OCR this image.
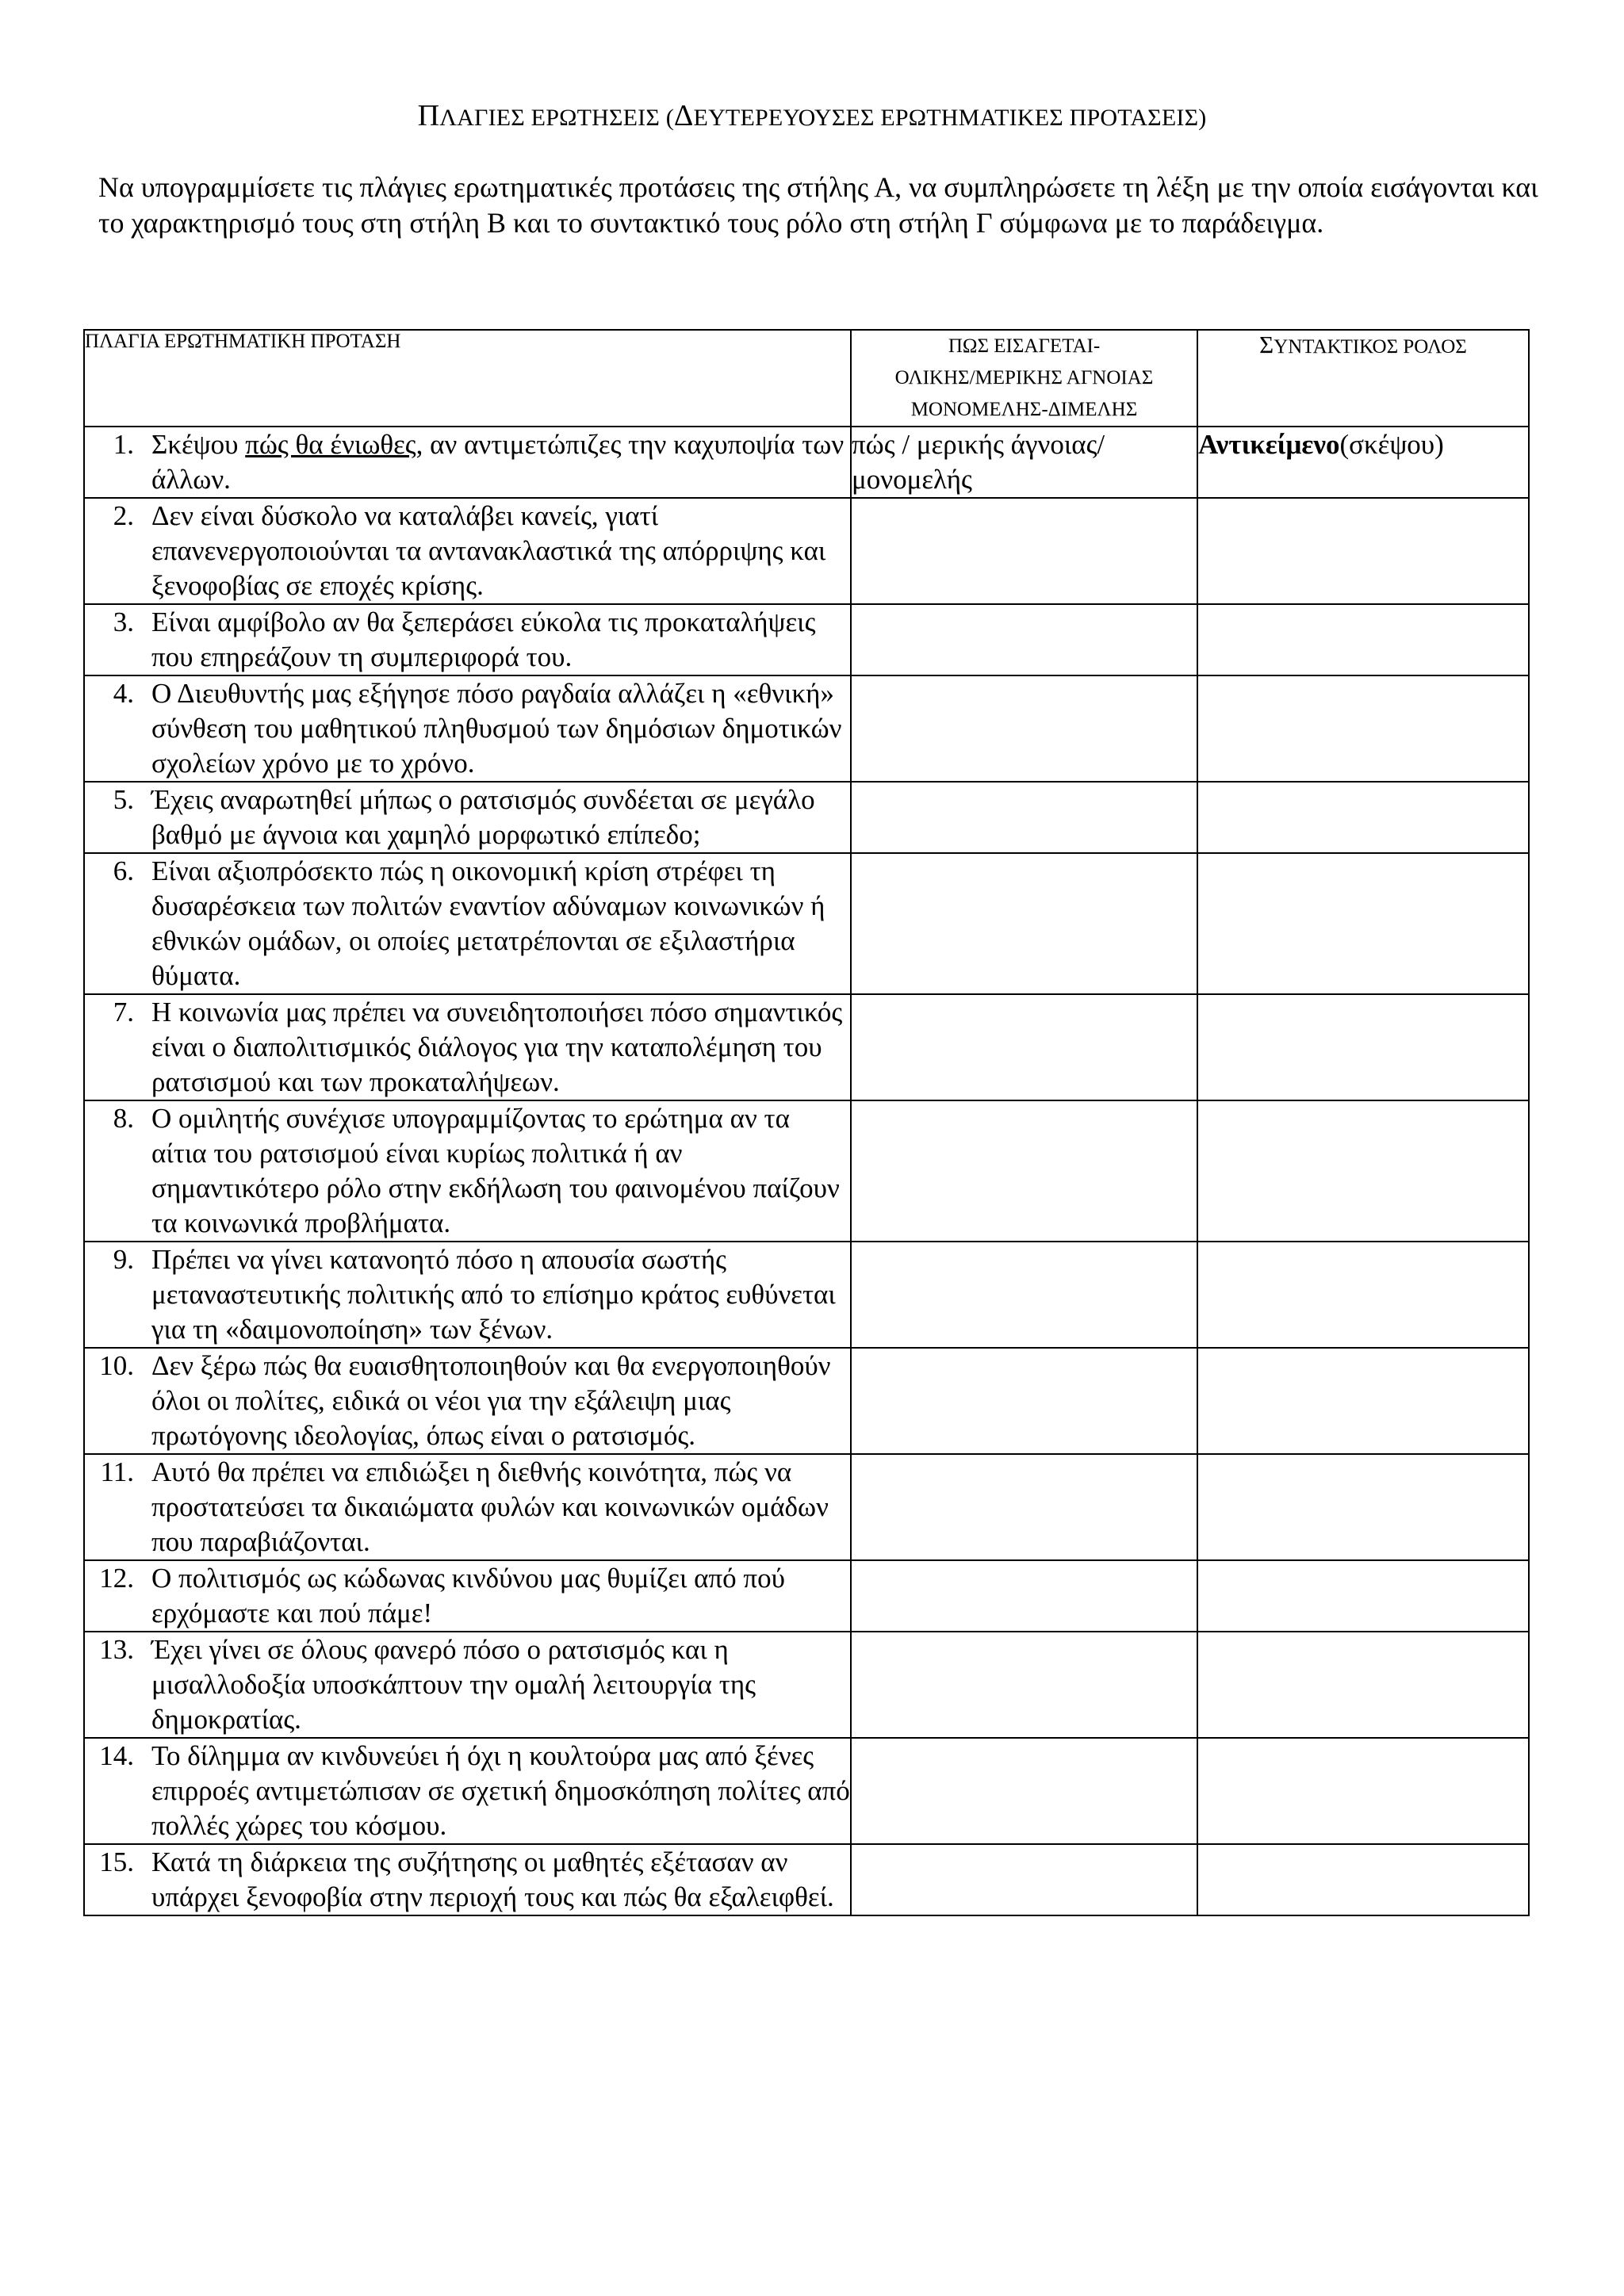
ΠΛΑΓΙΕΣ ΕΡΩΤΗΣΕΙΣ (ΔΕΥΤΕΡΕΥΟΥΣΕΣ ΕΡΩΤΗΜΑΤΙΚΕΣ ΠΡΟΤΑΣΕΙΣ)
Να υπογραμμίσετε τις πλάγιες ερωτηματικές προτάσεις της στήλης Α, να συμπληρώσετε τη λέξη με την οποία εισάγονται και το χαρακτηρισμό τους στη στήλη Β και το συντακτικό τους ρόλο στη στήλη Γ σύμφωνα με το παράδειγμα.
ΠΛΑΓΙΑ ΕΡΩΤΗΜΑΤΙΚΗ ΠΡΟΤΑΣΗ	ΠΩΣ ΕΙΣΑΓΕΤΑΙ-
ΟΛΙΚΗΣ/ΜΕΡΙΚΗΣ ΑΓΝΟΙΑΣ
ΜΟΝΟΜΕΛΗΣ-ΔΙΜΕΛΗΣ	ΣΥΝΤΑΚΤΙΚΟΣ ΡΟΛΟΣ

1. Σκέψου πώς θα ένιωθες, αν αντιμετώπιζες την καχυποψία των άλλων.	πώς / μερικής άγνοιας/ μονομελής	Αντικείμενο(σκέψου)

2. Δεν είναι δύσκολο να καταλάβει κανείς, γιατί επανενεργοποιούνται τα αντανακλαστικά της απόρριψης και ξενοφοβίας σε εποχές κρίσης.		

3. Είναι αμφίβολο αν θα ξεπεράσει εύκολα τις προκαταλήψεις που επηρεάζουν τη συμπεριφορά του.		

4. Ο Διευθυντής μας εξήγησε πόσο ραγδαία αλλάζει η «εθνική» σύνθεση του μαθητικού πληθυσμού των δημόσιων δημοτικών σχολείων χρόνο με το χρόνο.		

5. Έχεις αναρωτηθεί μήπως ο ρατσισμός συνδέεται σε μεγάλο βαθμό με άγνοια και χαμηλό μορφωτικό επίπεδο;		

6. Είναι αξιοπρόσεκτο πώς η οικονομική κρίση στρέφει τη δυσαρέσκεια των πολιτών εναντίον αδύναμων κοινωνικών ή εθνικών ομάδων, οι οποίες μετατρέπονται σε εξιλαστήρια θύματα.		

7. Η κοινωνία μας πρέπει να συνειδητοποιήσει πόσο σημαντικός είναι ο διαπολιτισμικός διάλογος για την καταπολέμηση του ρατσισμού και των προκαταλήψεων.		

8. Ο ομιλητής συνέχισε υπογραμμίζοντας το ερώτημα αν τα αίτια του ρατσισμού είναι κυρίως πολιτικά ή αν σημαντικότερο ρόλο στην εκδήλωση του φαινομένου παίζουν τα κοινωνικά προβλήματα.		

9. Πρέπει να γίνει κατανοητό πόσο η απουσία σωστής μεταναστευτικής πολιτικής από το επίσημο κράτος ευθύνεται για τη «δαιμονοποίηση» των ξένων.		

10. Δεν ξέρω πώς θα ευαισθητοποιηθούν και θα ενεργοποιηθούν όλοι οι πολίτες, ειδικά οι νέοι για την εξάλειψη μιας πρωτόγονης ιδεολογίας, όπως είναι ο ρατσισμός.		

11. Αυτό θα πρέπει να επιδιώξει η διεθνής κοινότητα, πώς να προστατεύσει τα δικαιώματα φυλών και κοινωνικών ομάδων που παραβιάζονται.		

12. Ο πολιτισμός ως κώδωνας κινδύνου μας θυμίζει από πού ερχόμαστε και πού πάμε!		

13. Έχει γίνει σε όλους φανερό πόσο ο ρατσισμός και η μισαλλοδοξία υποσκάπτουν την ομαλή λειτουργία της δημοκρατίας.		

14. Το δίλημμα αν κινδυνεύει ή όχι η κουλτούρα μας από ξένες επιρροές αντιμετώπισαν σε σχετική δημοσκόπηση πολίτες από πολλές χώρες του κόσμου.		

15. Κατά τη διάρκεια της συζήτησης οι μαθητές εξέτασαν αν υπάρχει ξενοφοβία στην περιοχή τους και πώς θα εξαλειφθεί.		
